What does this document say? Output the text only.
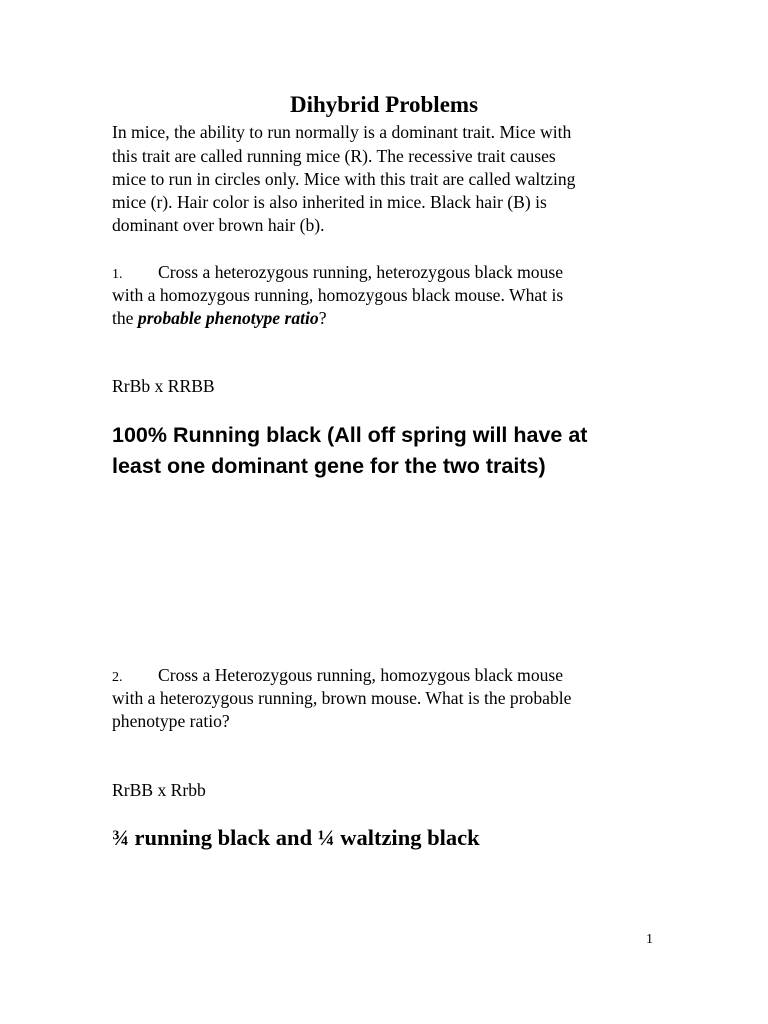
Dihybrid Problems
In mice, the ability to run normally is a dominant trait. Mice with
this trait are called running mice (R). The recessive trait causes
mice to run in circles only. Mice with this trait are called waltzing
mice (r). Hair color is also inherited in mice. Black hair (B) is
dominant over brown hair (b).
1. Cross a heterozygous running, heterozygous black mouse
with a homozygous running, homozygous black mouse. What is
the probable phenotype ratio?
RrBb x RRBB
100% Running black (All off spring will have at
least one dominant gene for the two traits)
2. Cross a Heterozygous running, homozygous black mouse
with a heterozygous running, brown mouse. What is the probable
phenotype ratio?
RrBB x Rrbb
¾ running black and ¼ waltzing black
1
